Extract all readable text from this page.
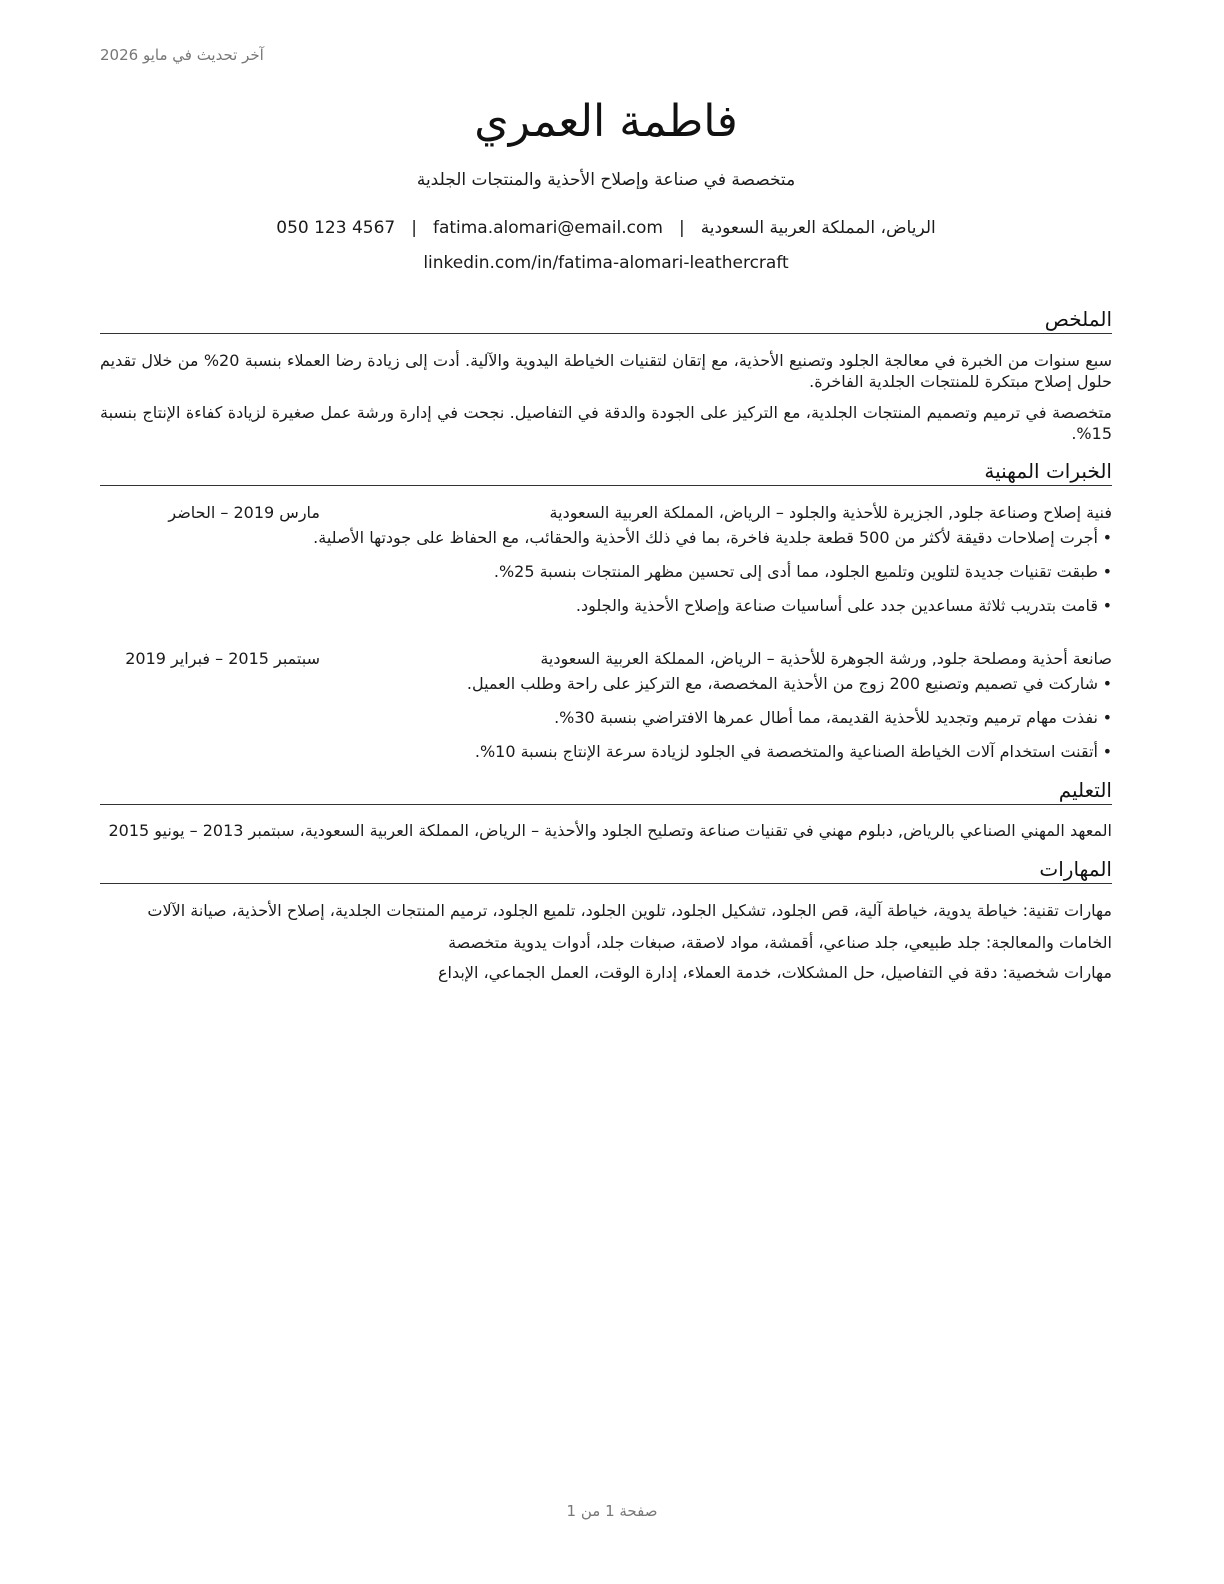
آخر تحديث في مايو 2026
فاطمة العمري
متخصصة في صناعة وإصلاح الأحذية والمنتجات الجلدية
الرياض، المملكة العربية السعودية|fatima.alomari@email.com|050 123 4567
linkedin.com/in/fatima-alomari-leathercraft
الملخص
سبع سنوات من الخبرة في معالجة الجلود وتصنيع الأحذية، مع إتقان لتقنيات الخياطة اليدوية والآلية. أدت إلى زيادة رضا العملاء بنسبة 20% من خلال تقديم حلول إصلاح مبتكرة للمنتجات الجلدية الفاخرة.
متخصصة في ترميم وتصميم المنتجات الجلدية، مع التركيز على الجودة والدقة في التفاصيل. نجحت في إدارة ورشة عمل صغيرة لزيادة كفاءة الإنتاج بنسبة 15%.
الخبرات المهنية
فنية إصلاح وصناعة جلود, الجزيرة للأحذية والجلود – الرياض، المملكة العربية السعودية
مارس 2019 – الحاضر
• أجرت إصلاحات دقيقة لأكثر من 500 قطعة جلدية فاخرة، بما في ذلك الأحذية والحقائب، مع الحفاظ على جودتها الأصلية.
• طبقت تقنيات جديدة لتلوين وتلميع الجلود، مما أدى إلى تحسين مظهر المنتجات بنسبة 25%.
• قامت بتدريب ثلاثة مساعدين جدد على أساسيات صناعة وإصلاح الأحذية والجلود.
صانعة أحذية ومصلحة جلود, ورشة الجوهرة للأحذية – الرياض، المملكة العربية السعودية
سبتمبر 2015 – فبراير 2019
• شاركت في تصميم وتصنيع 200 زوج من الأحذية المخصصة، مع التركيز على راحة وطلب العميل.
• نفذت مهام ترميم وتجديد للأحذية القديمة، مما أطال عمرها الافتراضي بنسبة 30%.
• أتقنت استخدام آلات الخياطة الصناعية والمتخصصة في الجلود لزيادة سرعة الإنتاج بنسبة 10%.
التعليم
المعهد المهني الصناعي بالرياض, دبلوم مهني في تقنيات صناعة وتصليح الجلود والأحذية – الرياض، المملكة العربية السعودية، سبتمبر 2013 – يونيو 2015
المهارات
مهارات تقنية: خياطة يدوية، خياطة آلية، قص الجلود، تشكيل الجلود، تلوين الجلود، تلميع الجلود، ترميم المنتجات الجلدية، إصلاح الأحذية، صيانة الآلات
الخامات والمعالجة: جلد طبيعي، جلد صناعي، أقمشة، مواد لاصقة، صبغات جلد، أدوات يدوية متخصصة
مهارات شخصية: دقة في التفاصيل، حل المشكلات، خدمة العملاء، إدارة الوقت، العمل الجماعي، الإبداع
صفحة 1 من 1
